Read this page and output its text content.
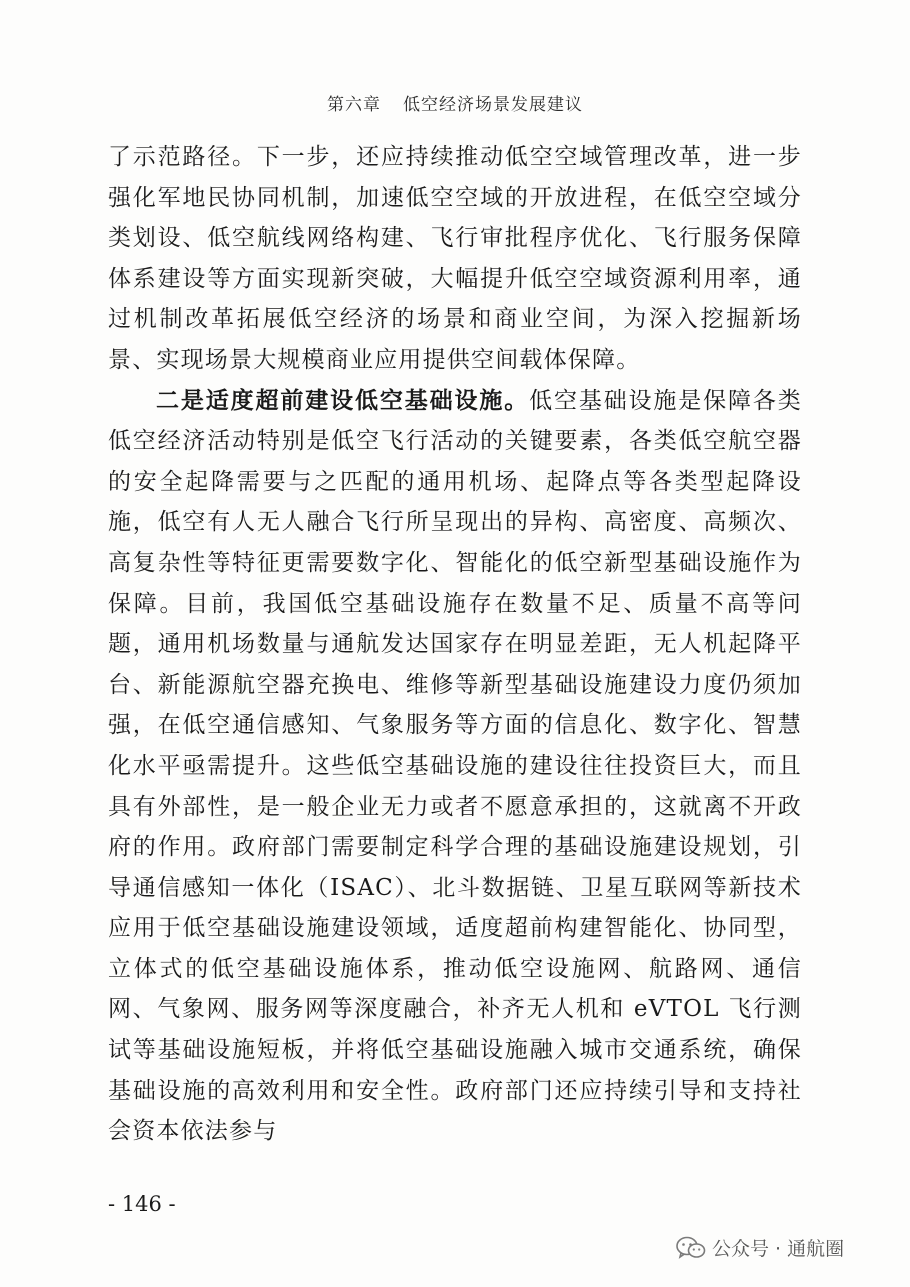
第六章 低空经济场景发展建议

了示范路径。下一步，还应持续推动低空空域管理改革，进一步强化军地民协同机制，加速低空空域的开放进程，在低空空域分类划设、低空航线网络构建、飞行审批程序优化、飞行服务保障体系建设等方面实现新突破，大幅提升低空空域资源利用率，通过机制改革拓展低空经济的场景和商业空间，为深入挖掘新场景、实现场景大规模商业应用提供空间载体保障。

二是适度超前建设低空基础设施。低空基础设施是保障各类低空经济活动特别是低空飞行活动的关键要素，各类低空航空器的安全起降需要与之匹配的通用机场、起降点等各类型起降设施，低空有人无人融合飞行所呈现出的异构、高密度、高频次、高复杂性等特征更需要数字化、智能化的低空新型基础设施作为保障。目前，我国低空基础设施存在数量不足、质量不高等问题，通用机场数量与通航发达国家存在明显差距，无人机起降平台、新能源航空器充换电、维修等新型基础设施建设力度仍须加强，在低空通信感知、气象服务等方面的信息化、数字化、智慧化水平亟需提升。这些低空基础设施的建设往往投资巨大，而且具有外部性，是一般企业无力或者不愿意承担的，这就离不开政府的作用。政府部门需要制定科学合理的基础设施建设规划，引导通信感知一体化（ISAC）、北斗数据链、卫星互联网等新技术应用于低空基础设施建设领域，适度超前构建智能化、协同型，立体式的低空基础设施体系，推动低空设施网、航路网、通信网、气象网、服务网等深度融合，补齐无人机和 eVTOL 飞行测试等基础设施短板，并将低空基础设施融入城市交通系统，确保基础设施的高效利用和安全性。政府部门还应持续引导和支持社会资本依法参与

- 146 -
公众号 · 通航圈
